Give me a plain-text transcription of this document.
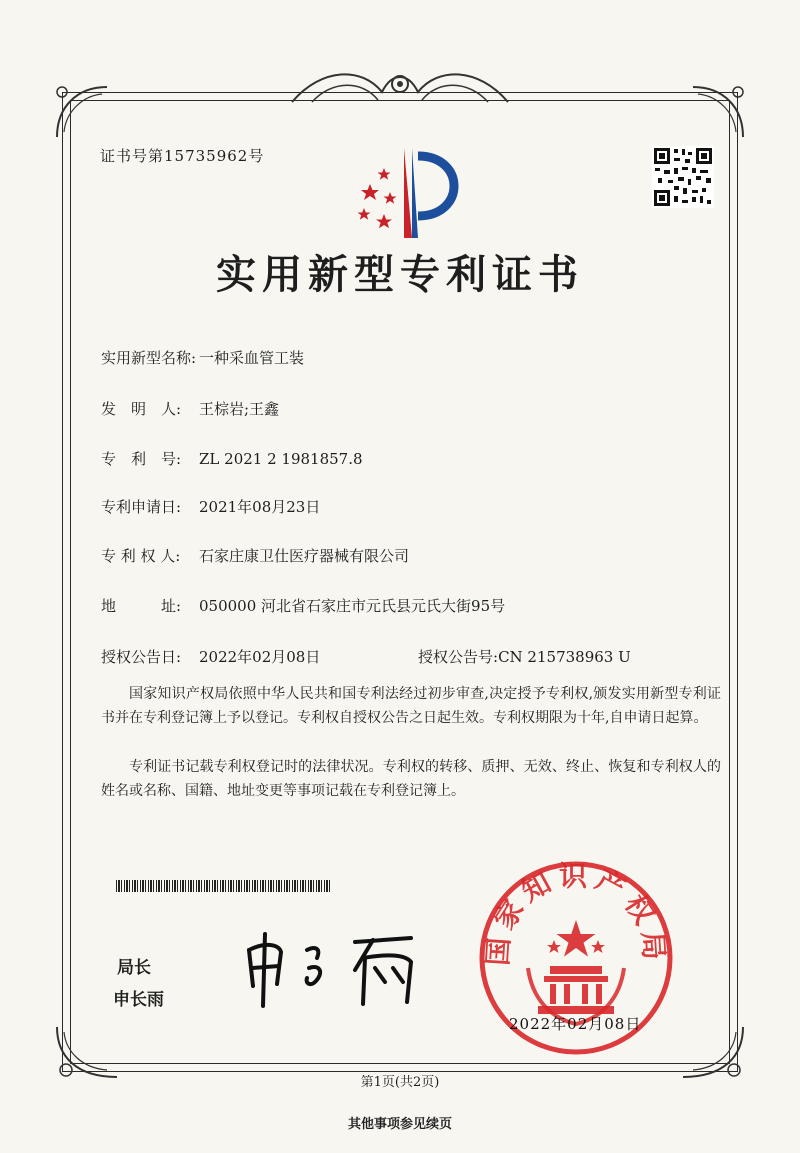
证书号第15735962号
实用新型专利证书
实用新型名称: 一种采血管工装
发　明　人: 王棕岩;王鑫
专　利　号: ZL 2021 2 1981857.8
专利申请日: 2021年08月23日
专 利 权 人: 石家庄康卫仕医疗器械有限公司
地　　　址: 050000 河北省石家庄市元氏县元氏大街95号
授权公告日: 2022年02月08日	授权公告号:CN 215738963 U
国家知识产权局依照中华人民共和国专利法经过初步审查,决定授予专利权,颁发实用新型专利证书并在专利登记簿上予以登记。专利权自授权公告之日起生效。专利权期限为十年,自申请日起算。
专利证书记载专利权登记时的法律状况。专利权的转移、质押、无效、终止、恢复和专利权人的姓名或名称、国籍、地址变更等事项记载在专利登记簿上。
局长
申长雨
国家知识产权局
2022年02月08日
第1页(共2页)
其他事项参见续页
